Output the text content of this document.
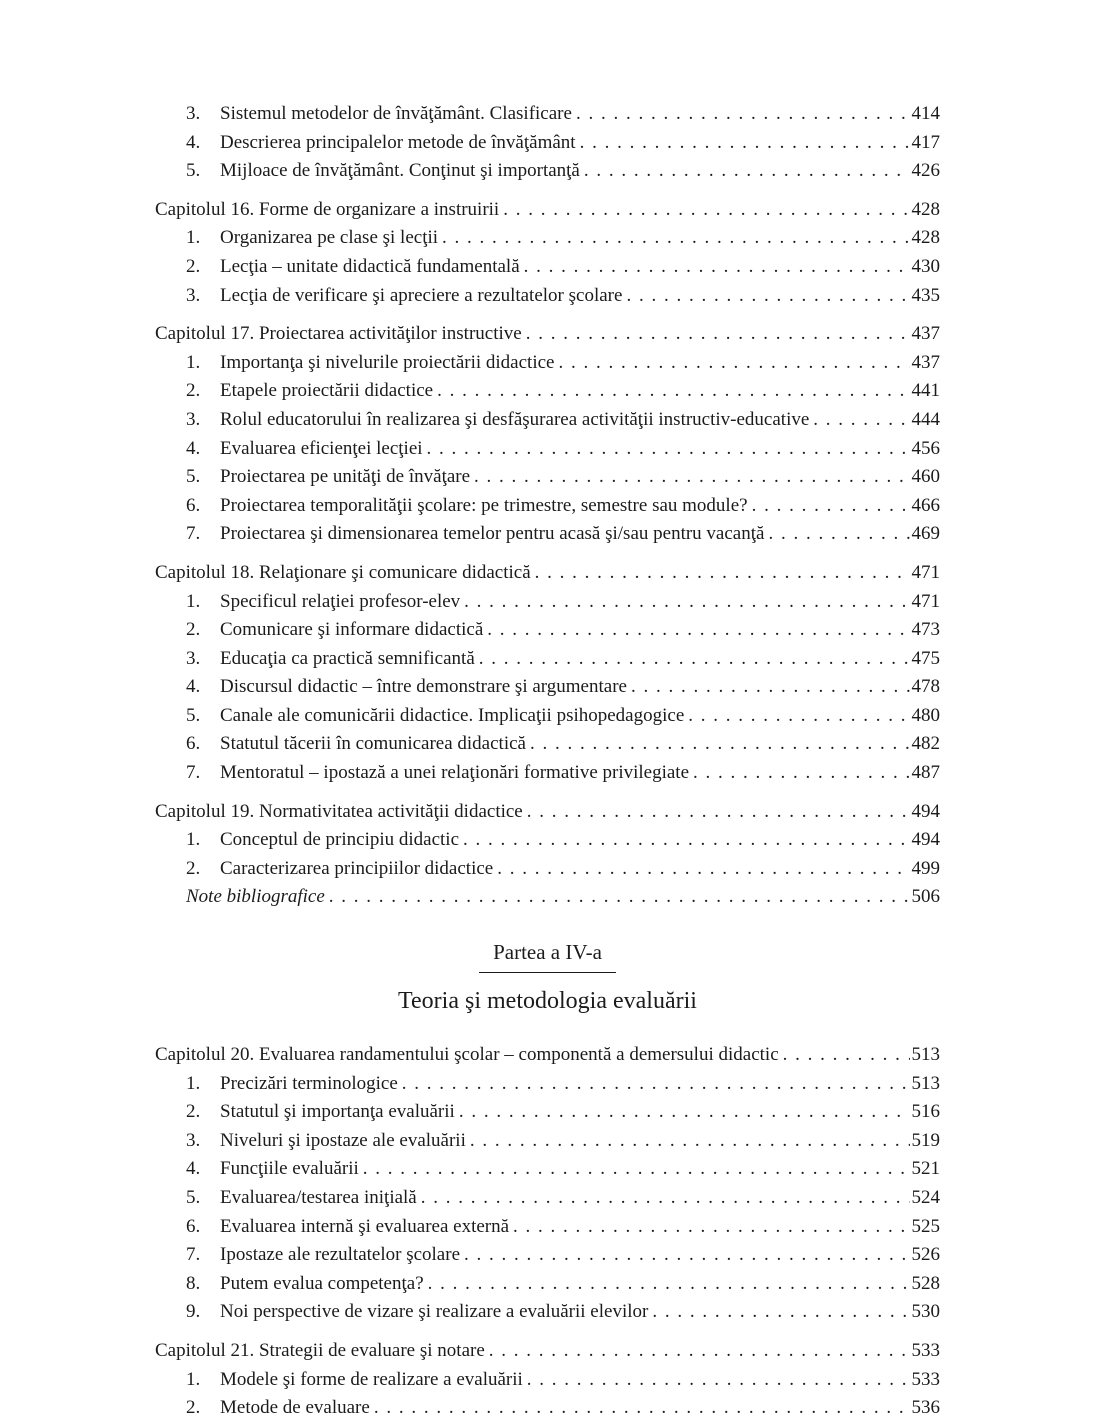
3.	Sistemul metodelor de învăţământ. Clasificare . . .	414
4.	Descrierea principalelor metode de învăţământ . . .	417
5.	Mijloace de învăţământ. Conţinut şi importanţă . . .	426
Capitolul 16. Forme de organizare a instruirii . . .	428
1.	Organizarea pe clase şi lecţii . . .	428
2.	Lecţia – unitate didactică fundamentală . . .	430
3.	Lecţia de verificare şi apreciere a rezultatelor şcolare . . .	435
Capitolul 17. Proiectarea activităţilor instructive . . .	437
1.	Importanţa şi nivelurile proiectării didactice . . .	437
2.	Etapele proiectării didactice . . .	441
3.	Rolul educatorului în realizarea şi desfăşurarea activităţii instructiv-educative . . .	444
4.	Evaluarea eficienţei lecţiei . . .	456
5.	Proiectarea pe unităţi de învăţare . . .	460
6.	Proiectarea temporalităţii şcolare: pe trimestre, semestre sau module? . . .	466
7.	Proiectarea şi dimensionarea temelor pentru acasă şi/sau pentru vacanţă . . .	469
Capitolul 18. Relaţionare şi comunicare didactică . . .	471
1.	Specificul relaţiei profesor-elev . . .	471
2.	Comunicare şi informare didactică . . .	473
3.	Educaţia ca practică semnificantă . . .	475
4.	Discursul didactic – între demonstrare şi argumentare . . .	478
5.	Canale ale comunicării didactice. Implicaţii psihopedagogice . . .	480
6.	Statutul tăcerii în comunicarea didactică . . .	482
7.	Mentoratul – ipostază a unei relaţionări formative privilegiate . . .	487
Capitolul 19. Normativitatea activităţii didactice . . .	494
1.	Conceptul de principiu didactic . . .	494
2.	Caracterizarea principiilor didactice . . .	499
Note bibliografice . . .	506
Partea a IV-a
Teoria şi metodologia evaluării
Capitolul 20. Evaluarea randamentului şcolar – componentă a demersului didactic . . .	513
1.	Precizări terminologice . . .	513
2.	Statutul şi importanţa evaluării . . .	516
3.	Niveluri şi ipostaze ale evaluării . . .	519
4.	Funcţiile evaluării . . .	521
5.	Evaluarea/testarea iniţială . . .	524
6.	Evaluarea internă şi evaluarea externă . . .	525
7.	Ipostaze ale rezultatelor şcolare . . .	526
8.	Putem evalua competenţa? . . .	528
9.	Noi perspective de vizare şi realizare a evaluării elevilor . . .	530
Capitolul 21. Strategii de evaluare şi notare . . .	533
1.	Modele şi forme de realizare a evaluării . . .	533
2.	Metode de evaluare . . .	536
